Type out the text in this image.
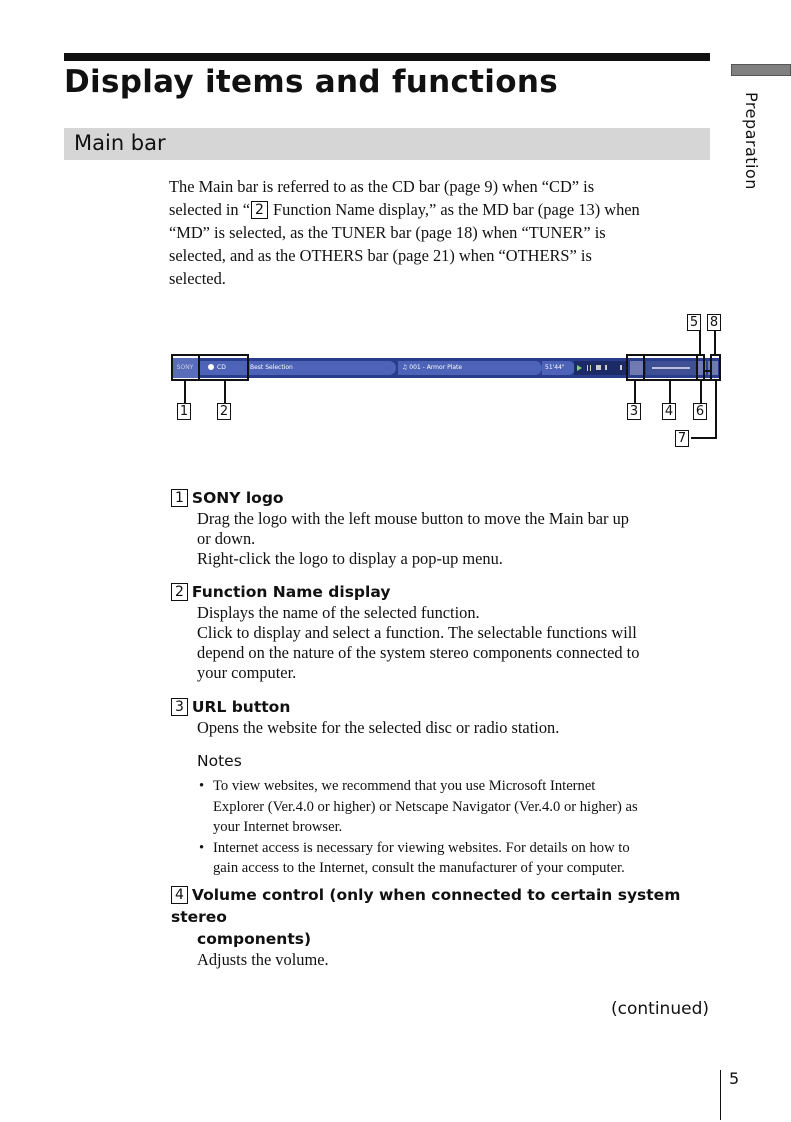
Preparation
Display items and functions
Main bar
The Main bar is referred to as the CD bar (page 9) when “CD” is
selected in “ 2 Function Name display,” as the MD bar (page 13) when
“MD” is selected, as the TUNER bar (page 18) when “TUNER” is
selected, and as the OTHERS bar (page 21) when “OTHERS” is
selected.
SONY	CD	Best Selection	♫ 001 - Armor Plate	51'44"
1 2	3 4
5
6
7
8
1 SONY logo
Drag the logo with the left mouse button to move the Main bar up
or down.
Right-click the logo to display a pop-up menu.
2 Function Name display
Displays the name of the selected function.
Click to display and select a function. The selectable functions will
depend on the nature of the system stereo components connected to
your computer.
3 URL button
Opens the website for the selected disc or radio station.
Notes
• To view websites, we recommend that you use Microsoft Internet
Explorer (Ver.4.0 or higher) or Netscape Navigator (Ver.4.0 or higher) as
your Internet browser.
• Internet access is necessary for viewing websites. For details on how to
gain access to the Internet, consult the manufacturer of your computer.
4 Volume control (only when connected to certain system stereo
components)
Adjusts the volume.
(continued)
5
